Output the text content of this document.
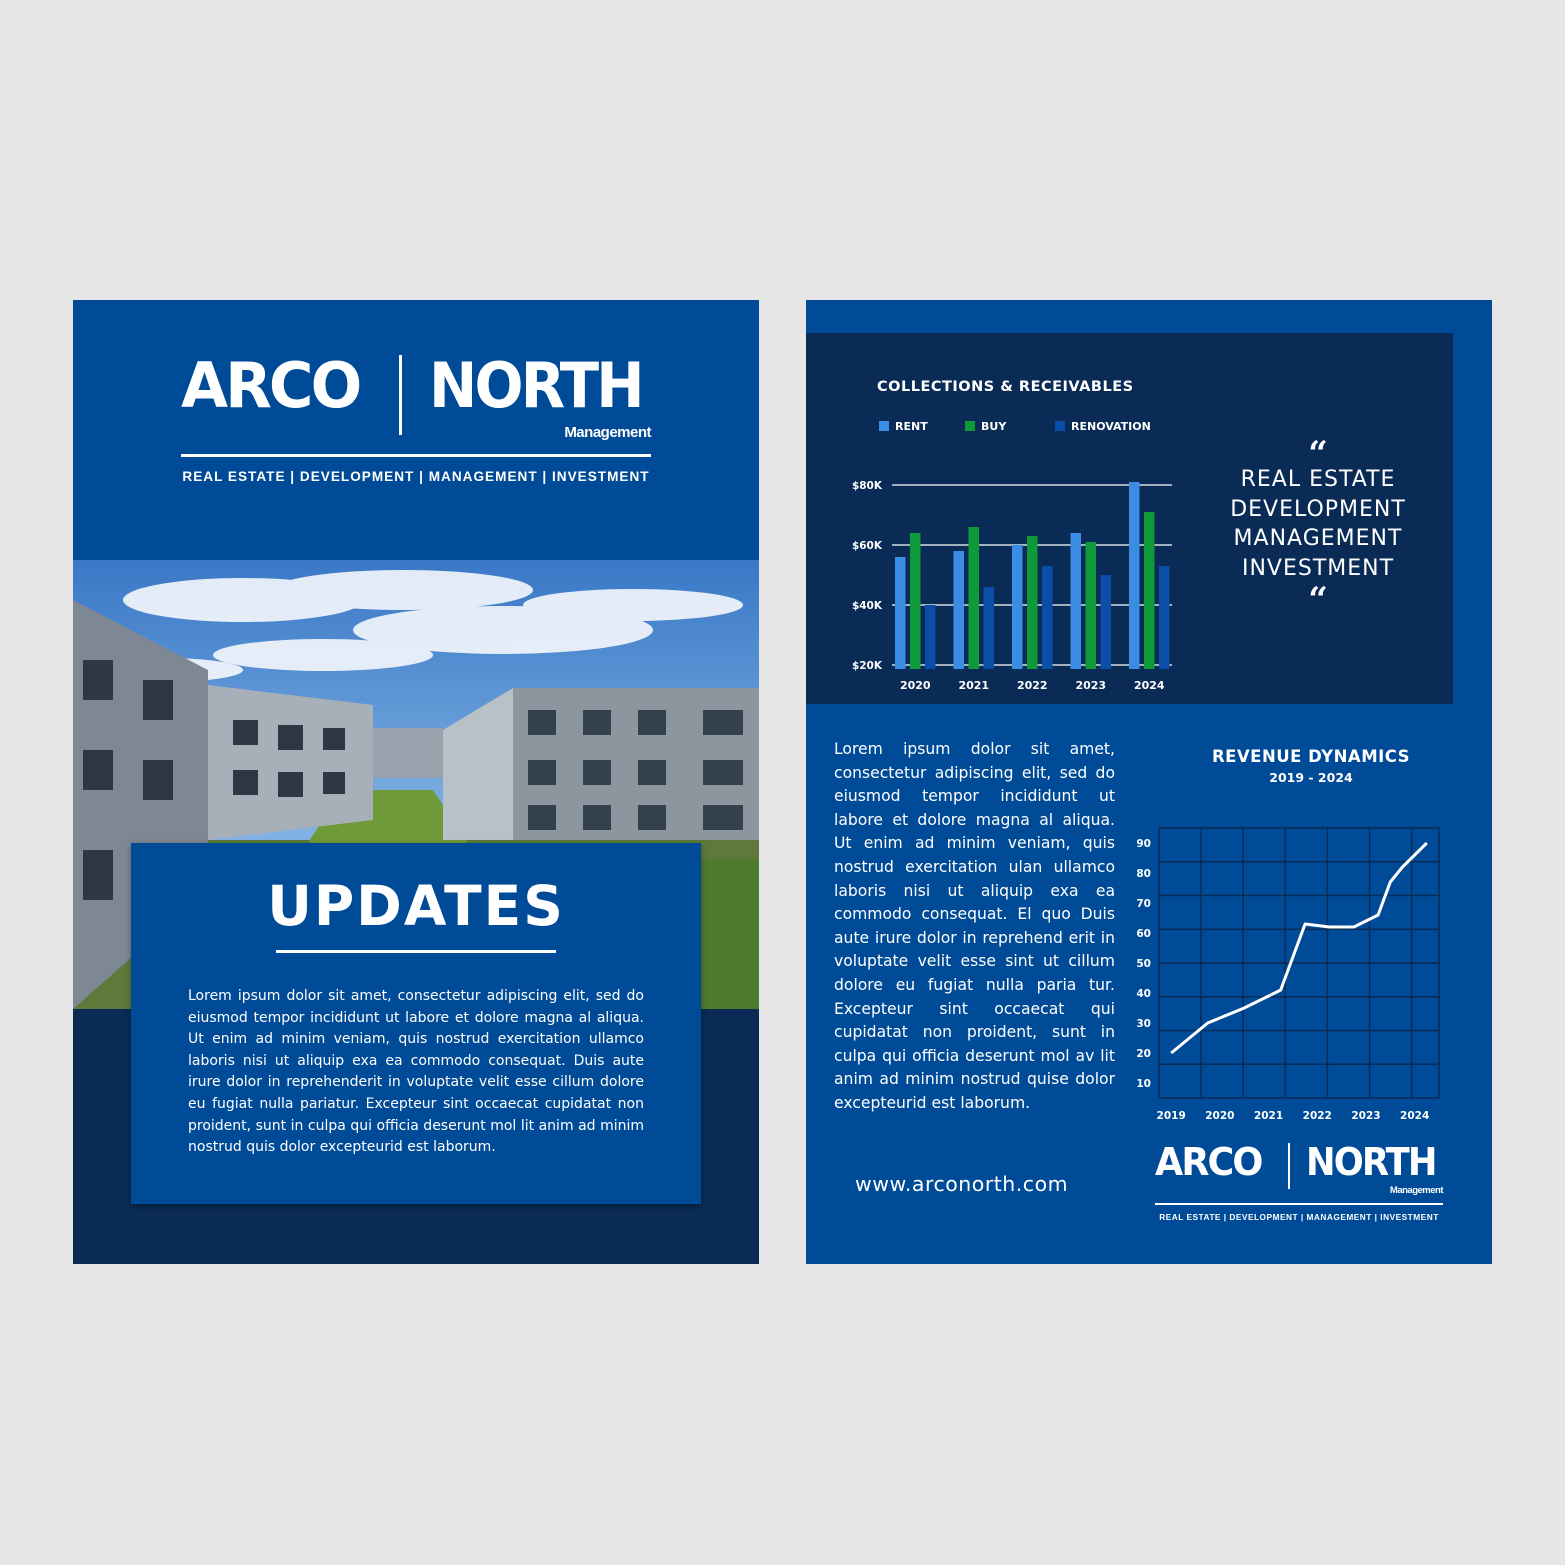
ARCO NORTH
Management
REAL ESTATE | DEVELOPMENT | MANAGEMENT | INVESTMENT
UPDATES

Lorem ipsum dolor sit amet, consectetur adipiscing elit, sed do eiusmod tempor incididunt ut labore et dolore magna al aliqua. Ut enim ad minim veniam, quis nostrud exercitation ullamco laboris nisi ut aliquip exa ea commodo consequat. Duis aute irure dolor in reprehenderit in voluptate velit esse cillum dolore eu fugiat nulla pariatur. Excepteur sint occaecat cupidatat non proident, sunt in culpa qui officia deserunt mol lit anim ad minim nostrud quis dolor excepteurid est laborum.

COLLECTIONS & RECEIVABLES
RENT	BUY	RENOVATION
$20K
$40K
$60K
$80K
2020	2021	2022	2023	2024
“
REAL ESTATE
DEVELOPMENT
MANAGEMENT
INVESTMENT
“

Lorem ipsum dolor sit amet, consectetur adipiscing elit, sed do eiusmod tempor incididunt ut labore et dolore magna al aliqua. Ut enim ad minim veniam, quis nostrud exercitation ulan ullamco laboris nisi ut aliquip exa ea commodo consequat. El quo Duis aute irure dolor in reprehend erit in voluptate velit esse sint ut cillum dolore eu fugiat nulla paria tur. Excepteur sint occaecat qui cupidatat non proident, sunt in culpa qui officia deserunt mol av lit anim ad minim nostrud quise dolor excepteurid est laborum.

REVENUE DYNAMICS
2019 - 2024
10
20
30
40
50
60
70
80
90
2019 2020 2021 2022 2023 2024
www.arconorth.com ARCO NORTH
Management
REAL ESTATE | DEVELOPMENT | MANAGEMENT | INVESTMENT
